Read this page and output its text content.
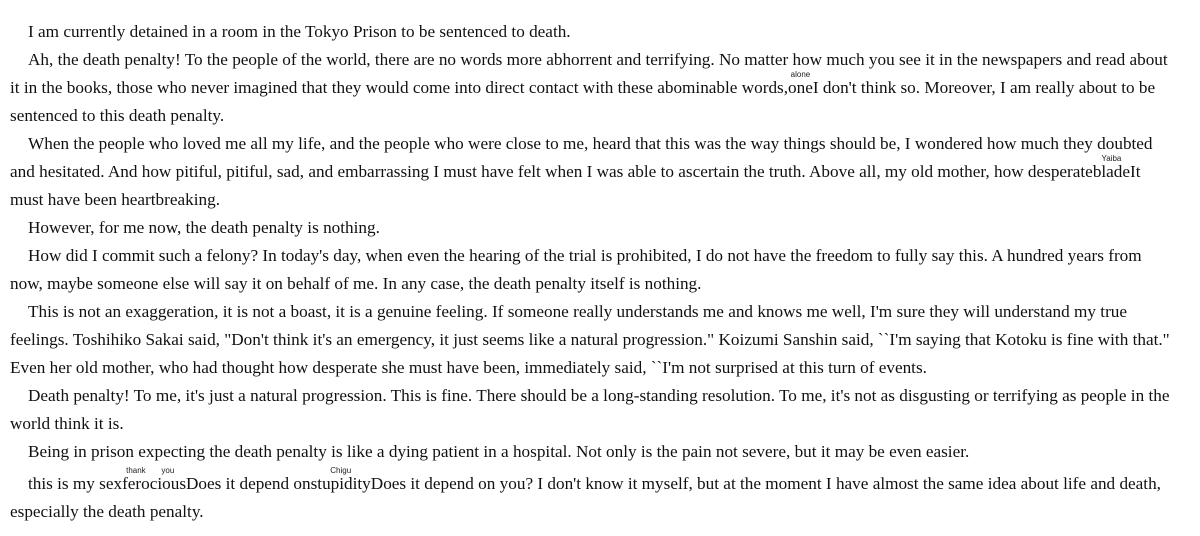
I am currently detained in a room in the Tokyo Prison to be sentenced to death.

Ah, the death penalty! To the people of the world, there are no words more abhorrent and terrifying. No matter how much you see it in the newspapers and read about it in the books, those who never imagined that they would come into direct contact with these abominable words,onealoneI don't think so. Moreover, I am really about to be sentenced to this death penalty.

When the people who loved me all my life, and the people who were close to me, heard that this was the way things should be, I wondered how much they doubted and hesitated. And how pitiful, pitiful, sad, and embarrassing I must have felt when I was able to ascertain the truth. Above all, my old mother, how desperatebladeYaibaIt must have been heartbreaking.

However, for me now, the death penalty is nothing.

How did I commit such a felony? In today's day, when even the hearing of the trial is prohibited, I do not have the freedom to fully say this. A hundred years from now, maybe someone else will say it on behalf of me. In any case, the death penalty itself is nothing.

This is not an exaggeration, it is not a boast, it is a genuine feeling. If someone really understands me and knows me well, I'm sure they will understand my true feelings. Toshihiko Sakai said, "Don't think it's an emergency, it just seems like a natural progression." Koizumi Sanshin said, ``I'm saying that Kotoku is fine with that." Even her old mother, who had thought how desperate she must have been, immediately said, ``I'm not surprised at this turn of events.

Death penalty! To me, it's just a natural progression. This is fine. There should be a long-standing resolution. To me, it's not as disgusting or terrifying as people in the world think it is.

Being in prison expecting the death penalty is like a dying patient in a hospital. Not only is the pain not severe, but it may be even easier.

this is my sexferothankciousyouDoes it depend onstupidityChiguDoes it depend on you? I don't know it myself, but at the moment I have almost the same idea about life and death, especially the death penalty.
